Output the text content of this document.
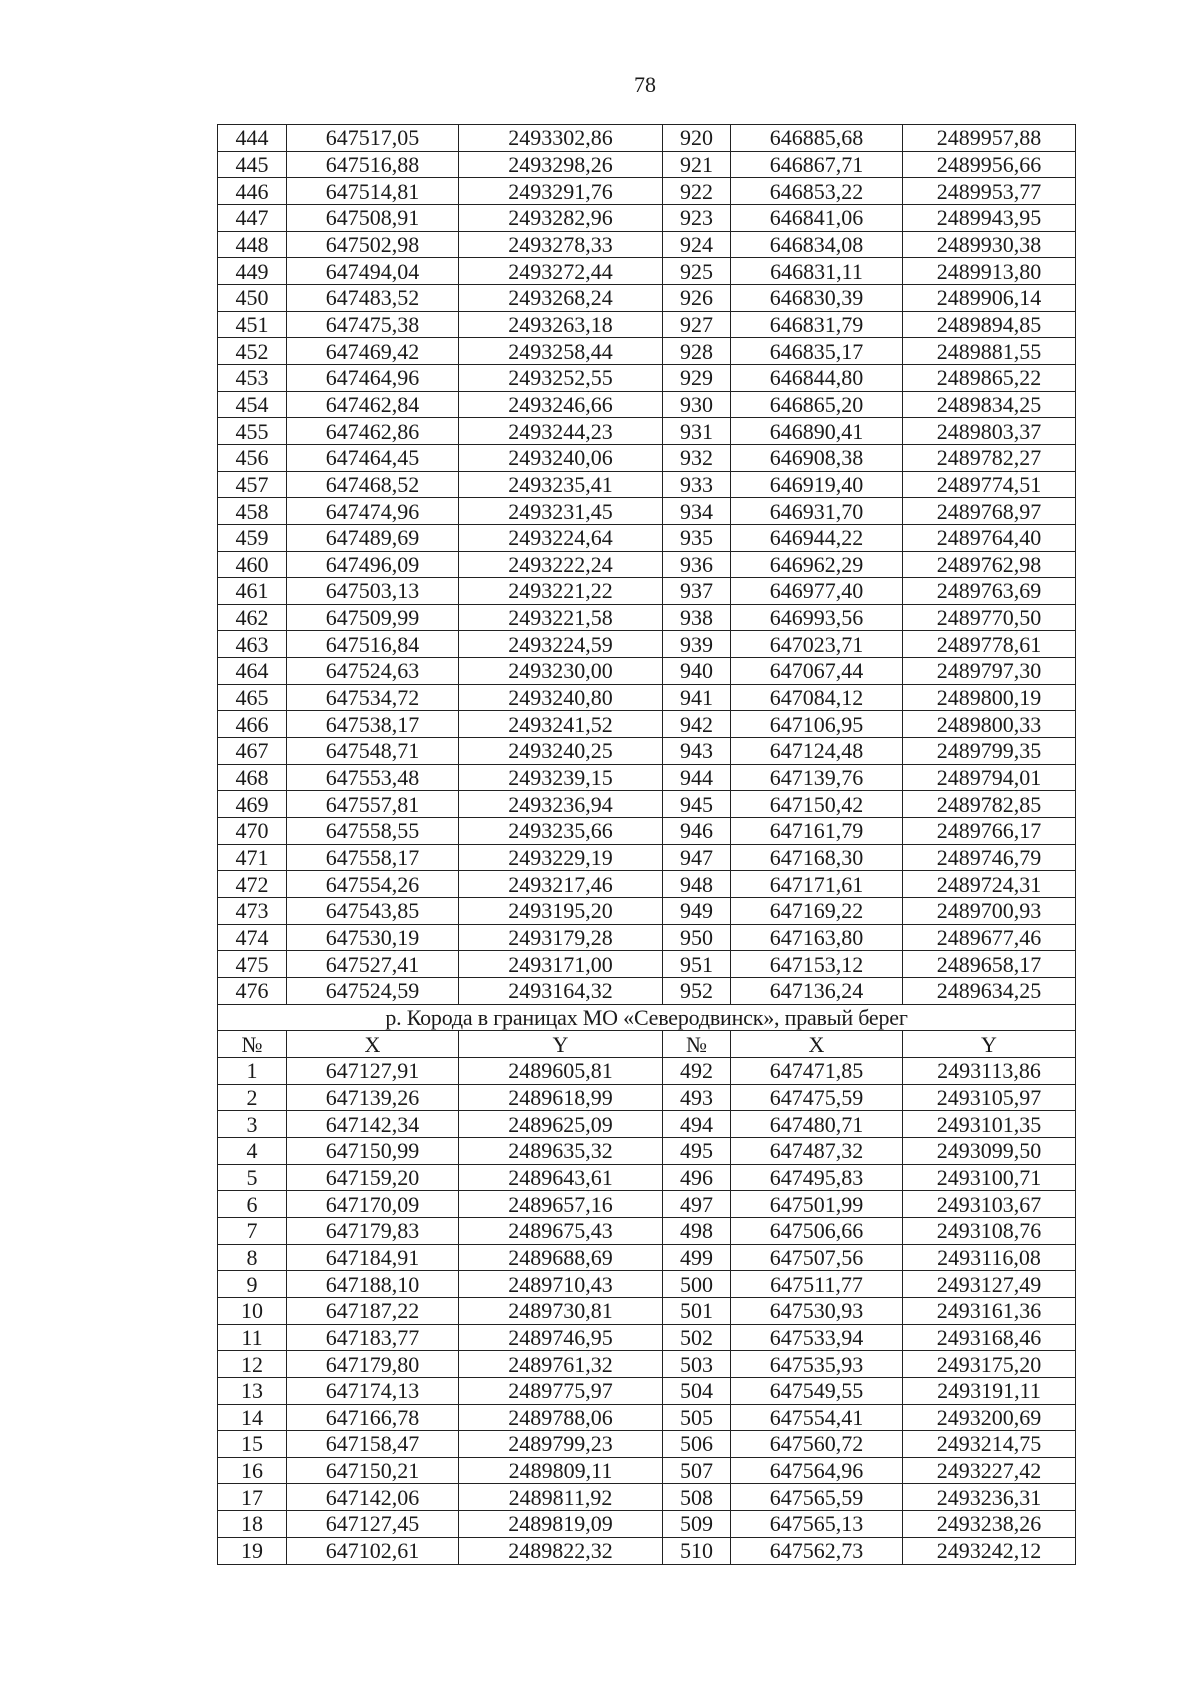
78
444	647517,05	2493302,86	920	646885,68	2489957,88
445	647516,88	2493298,26	921	646867,71	2489956,66
446	647514,81	2493291,76	922	646853,22	2489953,77
447	647508,91	2493282,96	923	646841,06	2489943,95
448	647502,98	2493278,33	924	646834,08	2489930,38
449	647494,04	2493272,44	925	646831,11	2489913,80
450	647483,52	2493268,24	926	646830,39	2489906,14
451	647475,38	2493263,18	927	646831,79	2489894,85
452	647469,42	2493258,44	928	646835,17	2489881,55
453	647464,96	2493252,55	929	646844,80	2489865,22
454	647462,84	2493246,66	930	646865,20	2489834,25
455	647462,86	2493244,23	931	646890,41	2489803,37
456	647464,45	2493240,06	932	646908,38	2489782,27
457	647468,52	2493235,41	933	646919,40	2489774,51
458	647474,96	2493231,45	934	646931,70	2489768,97
459	647489,69	2493224,64	935	646944,22	2489764,40
460	647496,09	2493222,24	936	646962,29	2489762,98
461	647503,13	2493221,22	937	646977,40	2489763,69
462	647509,99	2493221,58	938	646993,56	2489770,50
463	647516,84	2493224,59	939	647023,71	2489778,61
464	647524,63	2493230,00	940	647067,44	2489797,30
465	647534,72	2493240,80	941	647084,12	2489800,19
466	647538,17	2493241,52	942	647106,95	2489800,33
467	647548,71	2493240,25	943	647124,48	2489799,35
468	647553,48	2493239,15	944	647139,76	2489794,01
469	647557,81	2493236,94	945	647150,42	2489782,85
470	647558,55	2493235,66	946	647161,79	2489766,17
471	647558,17	2493229,19	947	647168,30	2489746,79
472	647554,26	2493217,46	948	647171,61	2489724,31
473	647543,85	2493195,20	949	647169,22	2489700,93
474	647530,19	2493179,28	950	647163,80	2489677,46
475	647527,41	2493171,00	951	647153,12	2489658,17
476	647524,59	2493164,32	952	647136,24	2489634,25
р. Корода в границах МО «Северодвинск», правый берег					
№	X	Y	№	X	Y
1	647127,91	2489605,81	492	647471,85	2493113,86
2	647139,26	2489618,99	493	647475,59	2493105,97
3	647142,34	2489625,09	494	647480,71	2493101,35
4	647150,99	2489635,32	495	647487,32	2493099,50
5	647159,20	2489643,61	496	647495,83	2493100,71
6	647170,09	2489657,16	497	647501,99	2493103,67
7	647179,83	2489675,43	498	647506,66	2493108,76
8	647184,91	2489688,69	499	647507,56	2493116,08
9	647188,10	2489710,43	500	647511,77	2493127,49
10	647187,22	2489730,81	501	647530,93	2493161,36
11	647183,77	2489746,95	502	647533,94	2493168,46
12	647179,80	2489761,32	503	647535,93	2493175,20
13	647174,13	2489775,97	504	647549,55	2493191,11
14	647166,78	2489788,06	505	647554,41	2493200,69
15	647158,47	2489799,23	506	647560,72	2493214,75
16	647150,21	2489809,11	507	647564,96	2493227,42
17	647142,06	2489811,92	508	647565,59	2493236,31
18	647127,45	2489819,09	509	647565,13	2493238,26
19	647102,61	2489822,32	510	647562,73	2493242,12
